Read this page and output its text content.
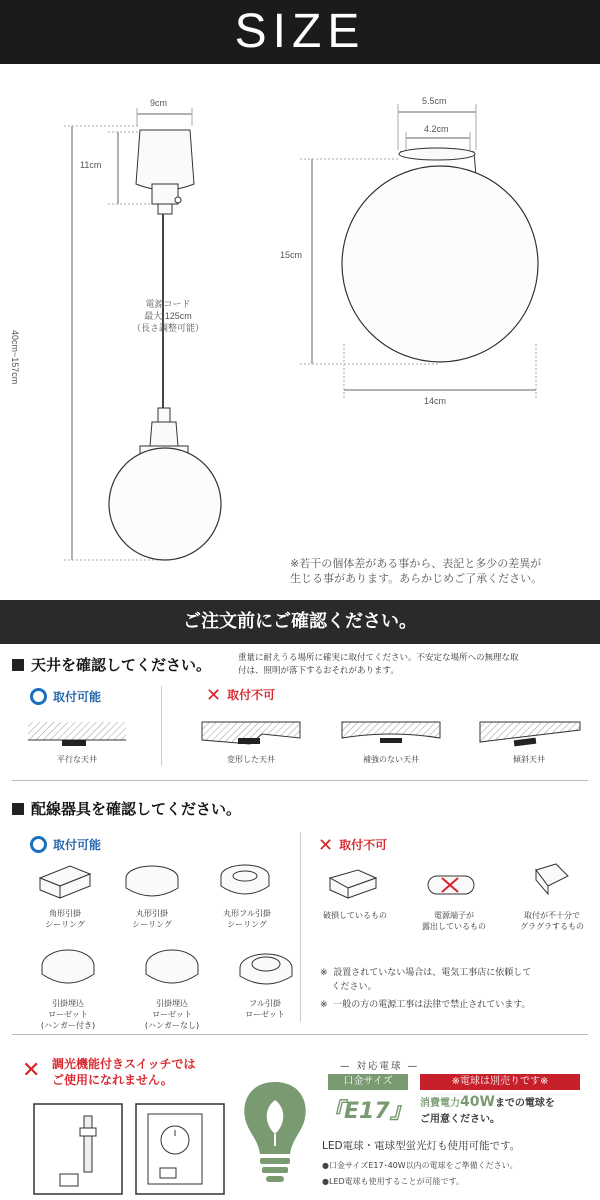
SIZE
9cm
11cm
40cm~157cm
電源コード
最大 125cm
（長さ調整可能）
5.5cm
4.2cm
15cm
14cm
※若干の個体差がある事から、表記と多少の差異が
生じる事があります。あらかじめご了承ください。
ご注文前にご確認ください。
天井を確認してください。	重量に耐えうる場所に確実に取付てください。不安定な場所への無理な取
付は、照明が落下するおそれがあります。
取付可能	✕ 取付不可
平行な天井	変形した天井	補強のない天井	傾斜天井
配線器具を確認してください。
取付可能	✕ 取付不可
角形引掛
シーリング
丸形引掛
シーリング
丸形フル引掛
シーリング
引掛埋込
ローゼット
(ハンガー付き)
引掛埋込
ローゼット
(ハンガーなし)
フル引掛
ローゼット
破損しているもの	電源端子が
露出しているもの
取付が不十分で
グラグラするもの
※  設置されていない場合は、電気工事店に依頼して
ください。
※  一般の方の電源工事は法律で禁止されています。
✕ 調光機能付きスイッチでは
ご使用になれません。
— 対応電球 —
口金サイズ	※電球は別売りです※
『E17』 消費電力40Wまでの電球を
ご用意ください。
LED電球・電球型蛍光灯も使用可能です。
●口金サイズE17･40W以内の電球をご準備ください。
●LED電球も使用することが可能です。
